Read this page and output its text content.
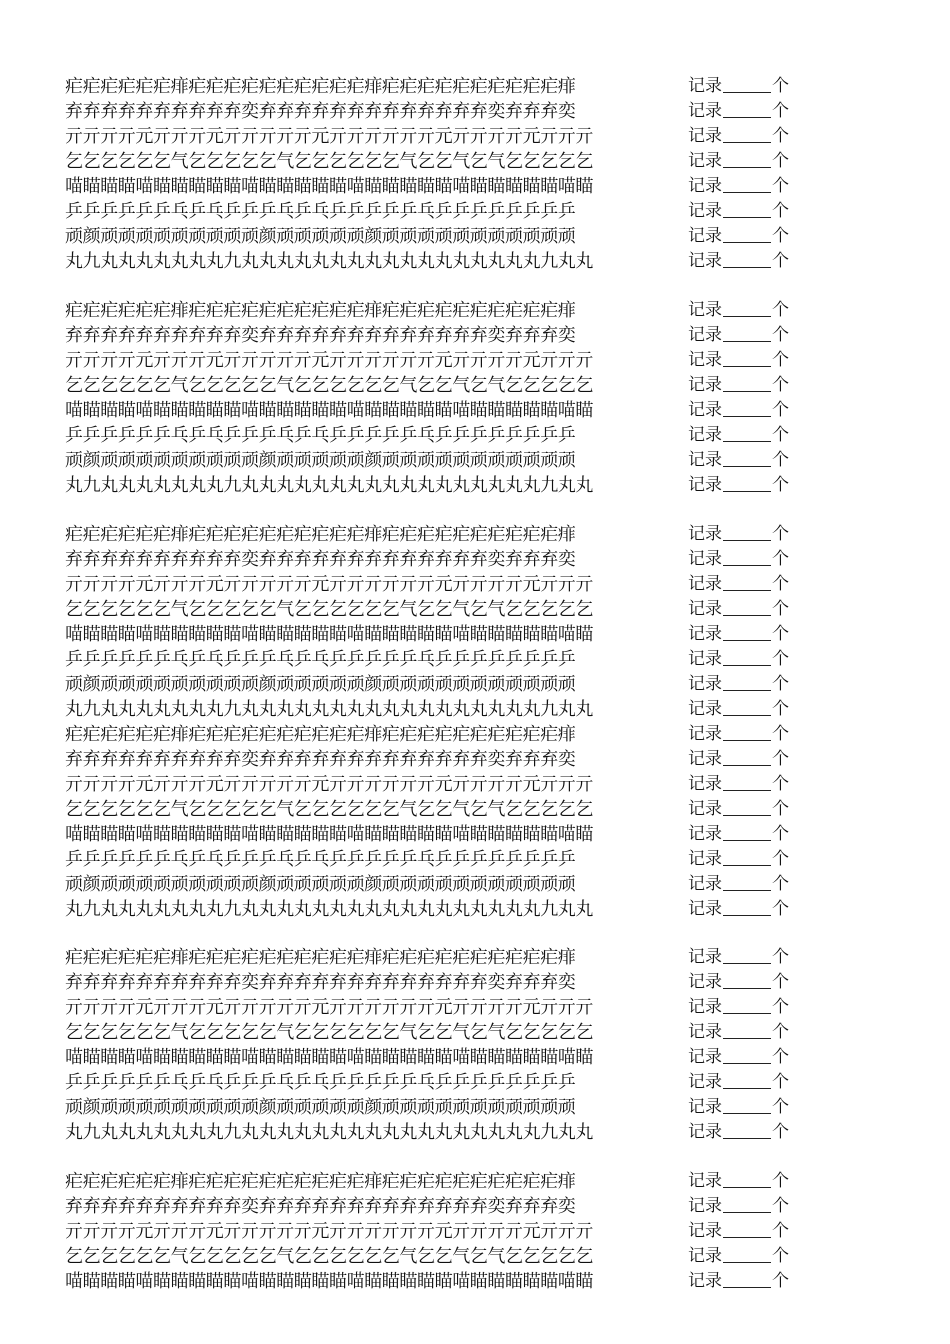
疟疟疟疟疟疟痱疟疟疟疟疟疟疟疟疟疟痱疟疟疟疟疟疟疟疟疟疟痱	记录	个
弃弃弃弃弃弃弃弃弃弃奕弃弃弃弃弃弃弃弃弃弃弃弃弃奕弃弃弃奕	记录	个
亓亓亓亓元亓亓亓元亓亓亓亓亓元亓亓亓亓亓亓元亓亓亓亓元亓亓亓	记录	个
乞乞乞乞乞乞气乞乞乞乞乞气乞乞乞乞乞乞气乞乞气乞气乞乞乞乞乞	记录	个
喵瞄瞄瞄喵瞄瞄瞄瞄瞄喵瞄瞄瞄瞄瞄喵瞄瞄瞄瞄瞄喵瞄瞄瞄瞄瞄喵瞄	记录	个
乒乒乒乒乒乒乓乒乓乒乒乒乓乒乓乒乒乒乒乒乓乒乒乒乒乒乒乒乒	记录	个
顽颜顽顽顽顽顽顽顽顽顽颜顽顽顽顽顽颜顽顽顽顽顽顽顽顽顽顽顽	记录	个
丸九丸丸丸丸丸丸丸九丸丸丸丸丸丸丸丸丸丸丸丸丸丸丸丸丸九丸丸	记录	个
疟疟疟疟疟疟痱疟疟疟疟疟疟疟疟疟疟痱疟疟疟疟疟疟疟疟疟疟痱	记录	个
弃弃弃弃弃弃弃弃弃弃奕弃弃弃弃弃弃弃弃弃弃弃弃弃奕弃弃弃奕	记录	个
亓亓亓亓元亓亓亓元亓亓亓亓亓元亓亓亓亓亓亓元亓亓亓亓元亓亓亓	记录	个
乞乞乞乞乞乞气乞乞乞乞乞气乞乞乞乞乞乞气乞乞气乞气乞乞乞乞乞	记录	个
喵瞄瞄瞄喵瞄瞄瞄瞄瞄喵瞄瞄瞄瞄瞄喵瞄瞄瞄瞄瞄喵瞄瞄瞄瞄瞄喵瞄	记录	个
乒乒乒乒乒乒乓乒乓乒乒乒乓乒乓乒乒乒乒乒乓乒乒乒乒乒乒乒乒	记录	个
顽颜顽顽顽顽顽顽顽顽顽颜顽顽顽顽顽颜顽顽顽顽顽顽顽顽顽顽顽	记录	个
丸九丸丸丸丸丸丸丸九丸丸丸丸丸丸丸丸丸丸丸丸丸丸丸丸丸九丸丸	记录	个
疟疟疟疟疟疟痱疟疟疟疟疟疟疟疟疟疟痱疟疟疟疟疟疟疟疟疟疟痱	记录	个
弃弃弃弃弃弃弃弃弃弃奕弃弃弃弃弃弃弃弃弃弃弃弃弃奕弃弃弃奕	记录	个
亓亓亓亓元亓亓亓元亓亓亓亓亓元亓亓亓亓亓亓元亓亓亓亓元亓亓亓	记录	个
乞乞乞乞乞乞气乞乞乞乞乞气乞乞乞乞乞乞气乞乞气乞气乞乞乞乞乞	记录	个
喵瞄瞄瞄喵瞄瞄瞄瞄瞄喵瞄瞄瞄瞄瞄喵瞄瞄瞄瞄瞄喵瞄瞄瞄瞄瞄喵瞄	记录	个
乒乒乒乒乒乒乓乒乓乒乒乒乓乒乓乒乒乒乒乒乓乒乒乒乒乒乒乒乒	记录	个
顽颜顽顽顽顽顽顽顽顽顽颜顽顽顽顽顽颜顽顽顽顽顽顽顽顽顽顽顽	记录	个
丸九丸丸丸丸丸丸丸九丸丸丸丸丸丸丸丸丸丸丸丸丸丸丸丸丸九丸丸	记录	个
疟疟疟疟疟疟痱疟疟疟疟疟疟疟疟疟疟痱疟疟疟疟疟疟疟疟疟疟痱	记录	个
弃弃弃弃弃弃弃弃弃弃奕弃弃弃弃弃弃弃弃弃弃弃弃弃奕弃弃弃奕	记录	个
亓亓亓亓元亓亓亓元亓亓亓亓亓元亓亓亓亓亓亓元亓亓亓亓元亓亓亓	记录	个
乞乞乞乞乞乞气乞乞乞乞乞气乞乞乞乞乞乞气乞乞气乞气乞乞乞乞乞	记录	个
喵瞄瞄瞄喵瞄瞄瞄瞄瞄喵瞄瞄瞄瞄瞄喵瞄瞄瞄瞄瞄喵瞄瞄瞄瞄瞄喵瞄	记录	个
乒乒乒乒乒乒乓乒乓乒乒乒乓乒乓乒乒乒乒乒乓乒乒乒乒乒乒乒乒	记录	个
顽颜顽顽顽顽顽顽顽顽顽颜顽顽顽顽顽颜顽顽顽顽顽顽顽顽顽顽顽	记录	个
丸九丸丸丸丸丸丸丸九丸丸丸丸丸丸丸丸丸丸丸丸丸丸丸丸丸九丸丸	记录	个
疟疟疟疟疟疟痱疟疟疟疟疟疟疟疟疟疟痱疟疟疟疟疟疟疟疟疟疟痱	记录	个
弃弃弃弃弃弃弃弃弃弃奕弃弃弃弃弃弃弃弃弃弃弃弃弃奕弃弃弃奕	记录	个
亓亓亓亓元亓亓亓元亓亓亓亓亓元亓亓亓亓亓亓元亓亓亓亓元亓亓亓	记录	个
乞乞乞乞乞乞气乞乞乞乞乞气乞乞乞乞乞乞气乞乞气乞气乞乞乞乞乞	记录	个
喵瞄瞄瞄喵瞄瞄瞄瞄瞄喵瞄瞄瞄瞄瞄喵瞄瞄瞄瞄瞄喵瞄瞄瞄瞄瞄喵瞄	记录	个
乒乒乒乒乒乒乓乒乓乒乒乒乓乒乓乒乒乒乒乒乓乒乒乒乒乒乒乒乒	记录	个
顽颜顽顽顽顽顽顽顽顽顽颜顽顽顽顽顽颜顽顽顽顽顽顽顽顽顽顽顽	记录	个
丸九丸丸丸丸丸丸丸九丸丸丸丸丸丸丸丸丸丸丸丸丸丸丸丸丸九丸丸	记录	个
疟疟疟疟疟疟痱疟疟疟疟疟疟疟疟疟疟痱疟疟疟疟疟疟疟疟疟疟痱	记录	个
弃弃弃弃弃弃弃弃弃弃奕弃弃弃弃弃弃弃弃弃弃弃弃弃奕弃弃弃奕	记录	个
亓亓亓亓元亓亓亓元亓亓亓亓亓元亓亓亓亓亓亓元亓亓亓亓元亓亓亓	记录	个
乞乞乞乞乞乞气乞乞乞乞乞气乞乞乞乞乞乞气乞乞气乞气乞乞乞乞乞	记录	个
喵瞄瞄瞄喵瞄瞄瞄瞄瞄喵瞄瞄瞄瞄瞄喵瞄瞄瞄瞄瞄喵瞄瞄瞄瞄瞄喵瞄	记录	个
